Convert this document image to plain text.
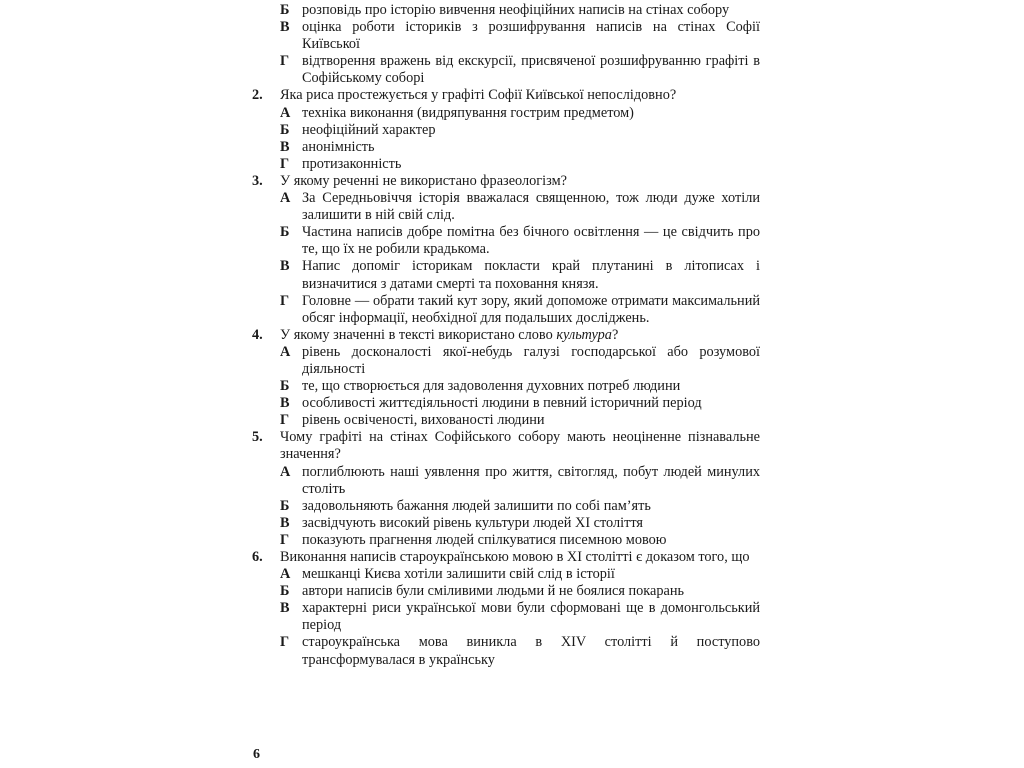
Б розповідь про історію вивчення неофіційних написів на стінах собору
В оцінка роботи істориків з розшифрування написів на стінах Софії Київської
Г відтворення вражень від екскурсії, присвяченої розшифруванню графіті в Софійському соборі
2. Яка риса простежується у графіті Софії Київської непослідовно?
А техніка виконання (видряпування гострим предметом)
Б неофіційний характер
В анонімність
Г протизаконність
3. У якому реченні не використано фразеологізм?
А За Середньовіччя історія вважалася священною, тож люди дуже хотіли залишити в ній свій слід.
Б Частина написів добре помітна без бічного освітлення — це свідчить про те, що їх не робили крадькома.
В Напис допоміг історикам покласти край плутанині в літописах і визначитися з датами смерті та поховання князя.
Г Головне — обрати такий кут зору, який допоможе отримати максимальний обсяг інформації, необхідної для подальших досліджень.
4. У якому значенні в тексті використано слово культура?
А рівень досконалості якої-небудь галузі господарської або розумової діяльності
Б те, що створюється для задоволення духовних потреб людини
В особливості життєдіяльності людини в певний історичний період
Г рівень освіченості, вихованості людини
5. Чому графіті на стінах Софійського собору мають неоціненне пізнавальне значення?
А поглиблюють наші уявлення про життя, світогляд, побут людей минулих століть
Б задовольняють бажання людей залишити по собі пам’ять
В засвідчують високий рівень культури людей XI століття
Г показують прагнення людей спілкуватися писемною мовою
6. Виконання написів староукраїнською мовою в XI столітті є доказом того, що
А мешканці Києва хотіли залишити свій слід в історії
Б автори написів були сміливими людьми й не боялися покарань
В характерні риси української мови були сформовані ще в домонгольський період
Г староукраїнська мова виникла в XIV столітті й поступово трансформувалася в українську
6
